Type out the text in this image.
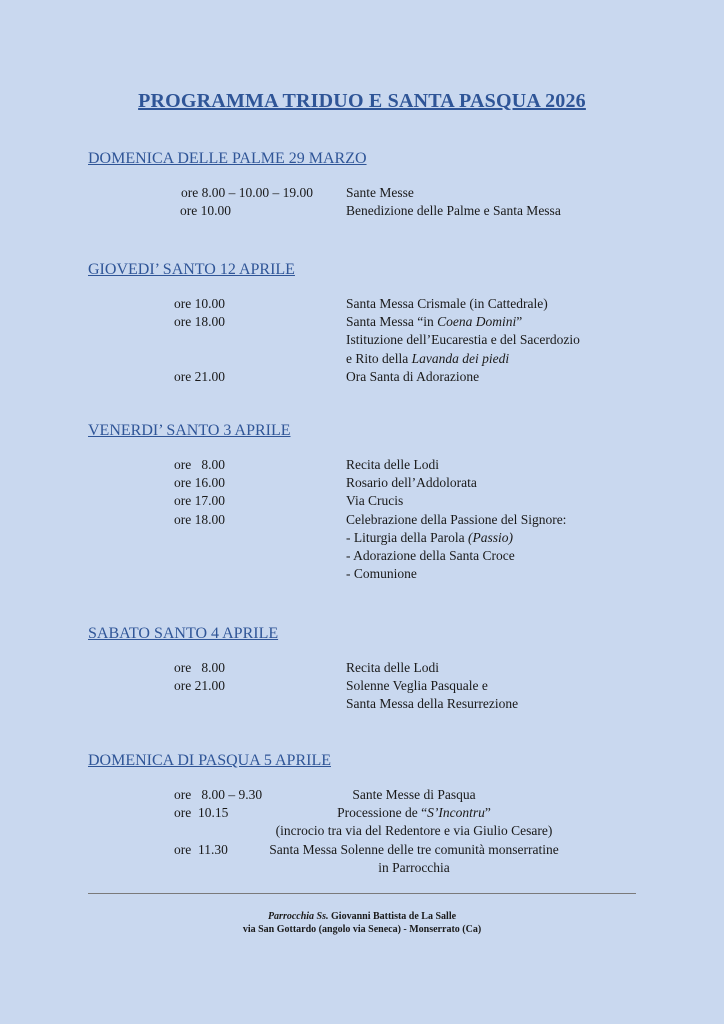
PROGRAMMA TRIDUO E SANTA PASQUA 2026
DOMENICA DELLE PALME 29 MARZO
ore 8.00 – 10.00 – 19.00 Sante Messe
ore 10.00	Benedizione delle Palme e Santa Messa
GIOVEDI’ SANTO 12 APRILE
ore 10.00	Santa Messa Crismale (in Cattedrale)
ore 18.00	Santa Messa “in Coena Domini”
Istituzione dell’Eucarestia e del Sacerdozio
e Rito della Lavanda dei piedi
ore 21.00	Ora Santa di Adorazione
VENERDI’ SANTO 3 APRILE
ore   8.00	Recita delle Lodi
ore 16.00	Rosario dell’Addolorata
ore 17.00	Via Crucis
ore 18.00	Celebrazione della Passione del Signore:
- Liturgia della Parola (Passio)
- Adorazione della Santa Croce
- Comunione
SABATO SANTO 4 APRILE
ore   8.00	Recita delle Lodi
ore 21.00	Solenne Veglia Pasquale e
Santa Messa della Resurrezione
DOMENICA DI PASQUA 5 APRILE
ore   8.00 – 9.30	Sante Messe di Pasqua
ore  10.15	Processione de “S’Incontru”
(incrocio tra via del Redentore e via Giulio Cesare)
ore  11.30	Santa Messa Solenne delle tre comunità monserratine
in Parrocchia
Parrocchia Ss. Giovanni Battista de La Salle
via San Gottardo (angolo via Seneca) - Monserrato (Ca)
